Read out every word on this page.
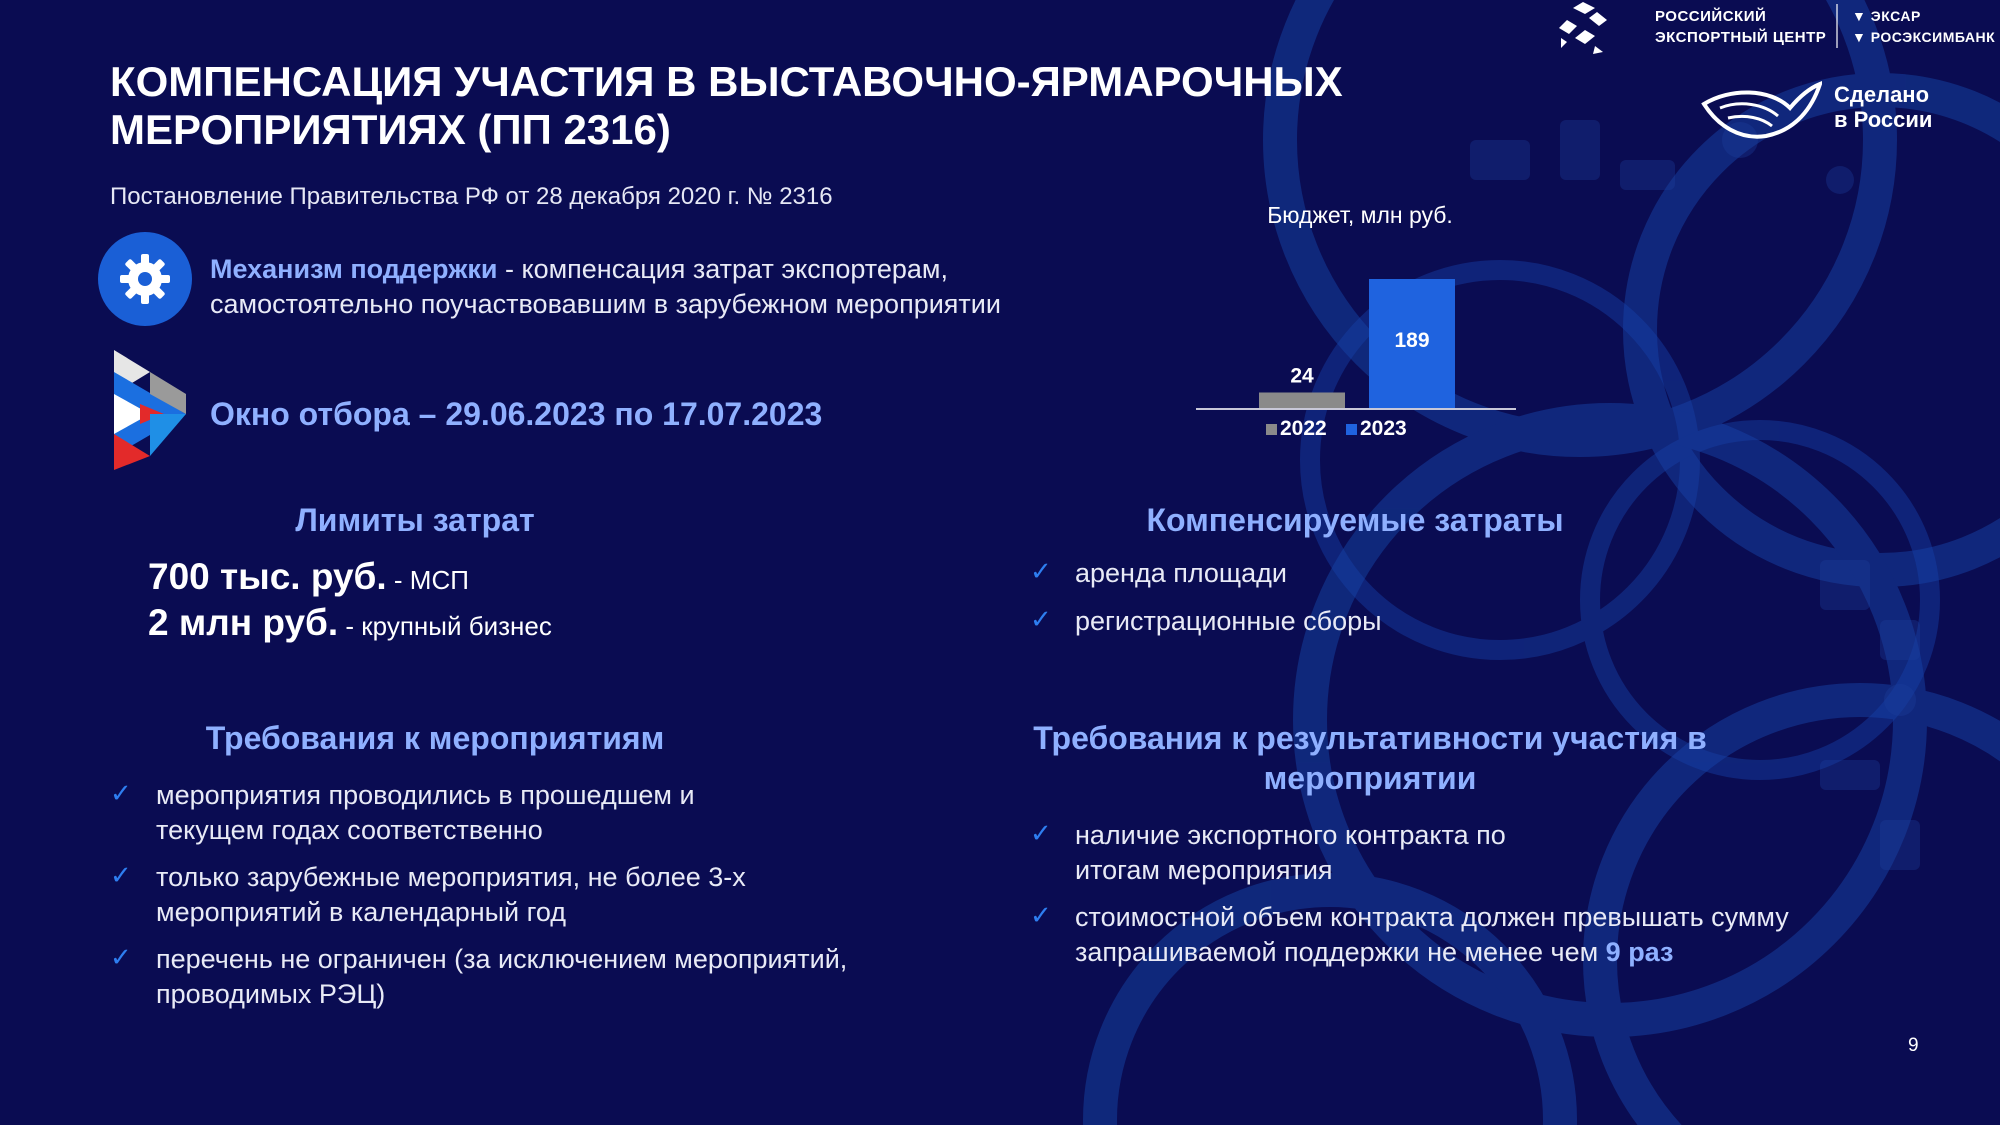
РОССИЙСКИЙ
ЭКСПОРТНЫЙ ЦЕНТР
▼ ЭКСАР
▼ РОСЭКСИМБАНК
Сделано
в России
КОМПЕНСАЦИЯ УЧАСТИЯ В ВЫСТАВОЧНО-ЯРМАРОЧНЫХ МЕРОПРИЯТИЯХ (ПП 2316)
Постановление Правительства РФ от 28 декабря 2020 г. № 2316
Механизм поддержки - компенсация затрат экспортерам, самостоятельно поучаствовавшим в зарубежном мероприятии
Окно отбора – 29.06.2023 по 17.07.2023
Бюджет, млн руб.
24
189
2022 2023
Лимиты затрат
700 тыс. руб. - МСП
2 млн руб. - крупный бизнес
Компенсируемые затраты
✓ аренда площади
✓ регистрационные сборы
Требования к мероприятиям
✓ мероприятия проводились в прошедшем и текущем годах соответственно
✓ только зарубежные мероприятия, не более 3-х мероприятий в календарный год
✓ перечень не ограничен (за исключением мероприятий, проводимых РЭЦ)
Требования к результативности участия в мероприятии
✓ наличие экспортного контракта по итогам мероприятия
✓ стоимостной объем контракта должен превышать сумму запрашиваемой поддержки не менее чем 9 раз
9
